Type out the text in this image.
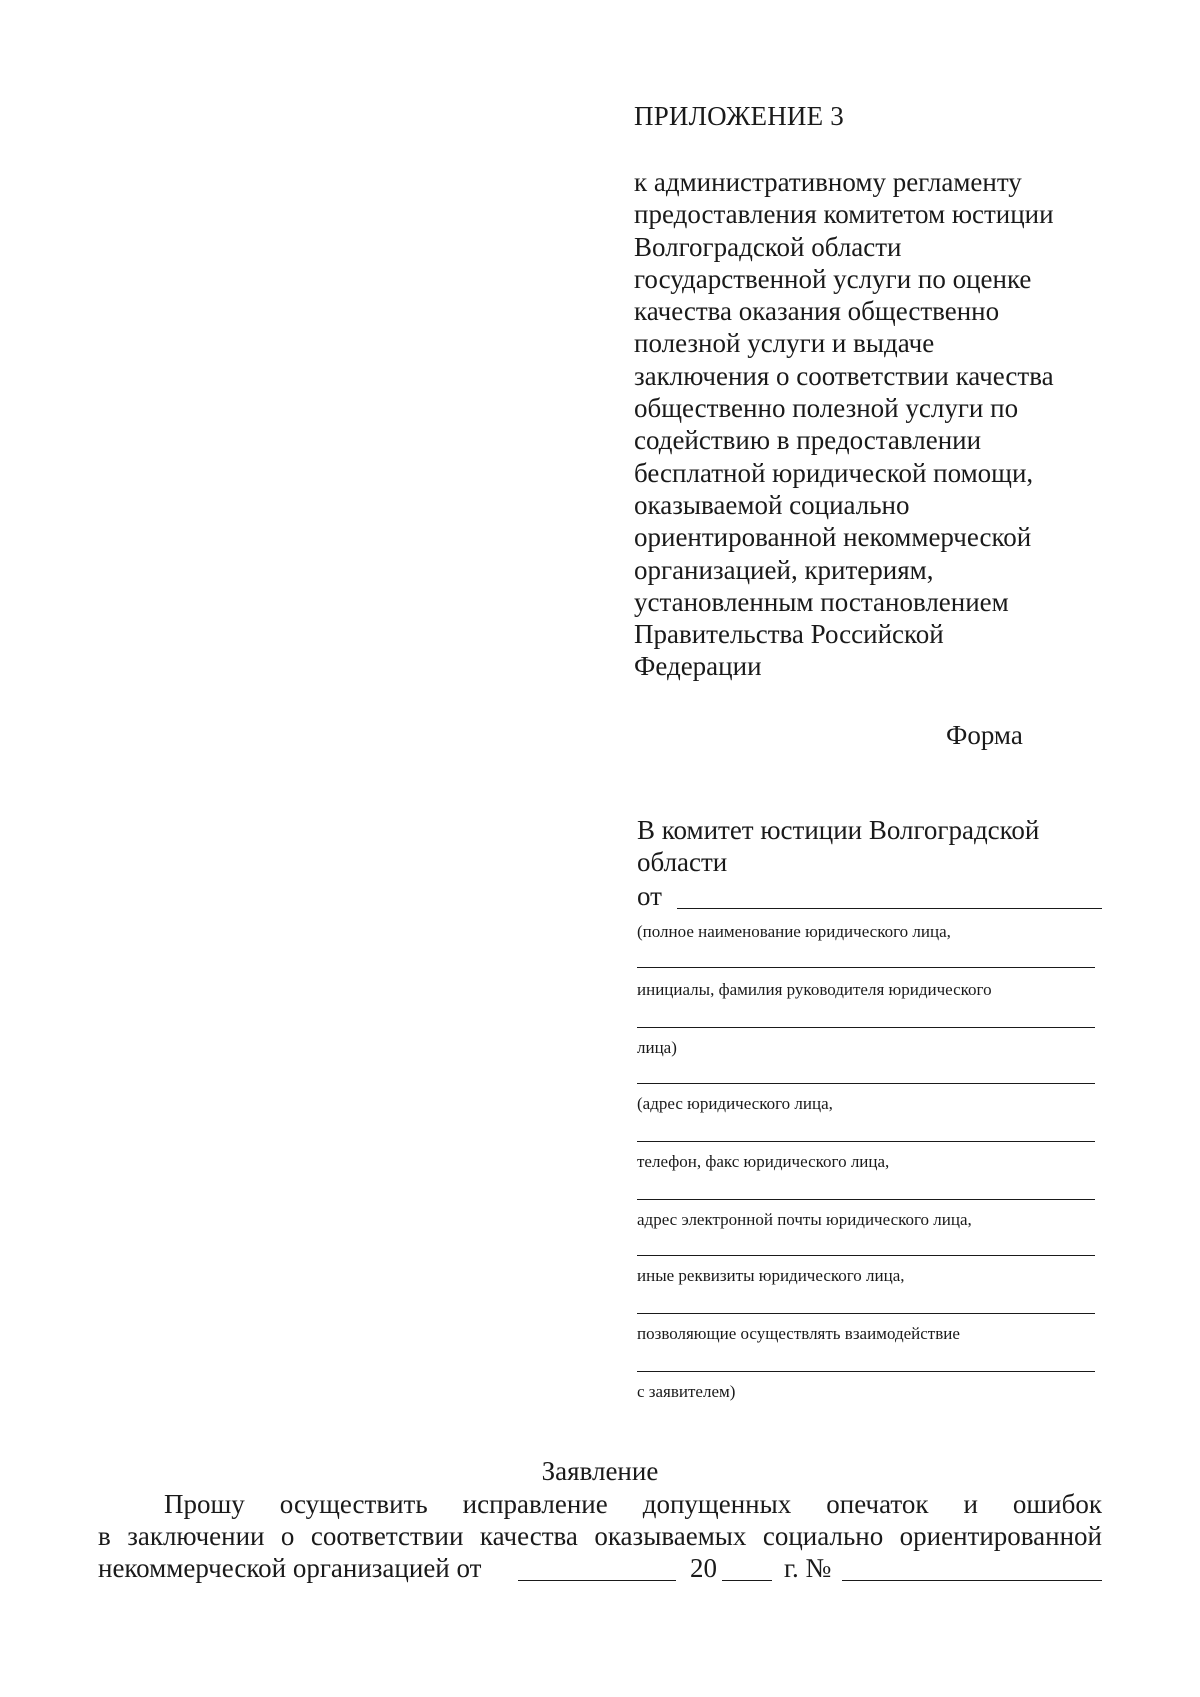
ПРИЛОЖЕНИЕ 3
к административному регламенту
предоставления комитетом юстиции
Волгоградской области
государственной услуги по оценке
качества оказания общественно
полезной услуги и выдаче
заключения о соответствии качества
общественно полезной услуги по
содействию в предоставлении
бесплатной юридической помощи,
оказываемой социально
ориентированной некоммерческой
организацией, критериям,
установленным постановлением
Правительства Российской
Федерации
Форма
В комитет юстиции Волгоградской
области
от
(полное наименование юридического лица,
инициалы, фамилия руководителя юридического
лица)
(адрес юридического лица,
телефон, факс юридического лица,
адрес электронной почты юридического лица,
иные реквизиты юридического лица,
позволяющие осуществлять взаимодействие
с заявителем)
Заявление
Прошу осуществить исправление допущенных опечаток и ошибок
в заключении о соответствии качества оказываемых социально ориентированной
некоммерческой организацией от	20 г. №
